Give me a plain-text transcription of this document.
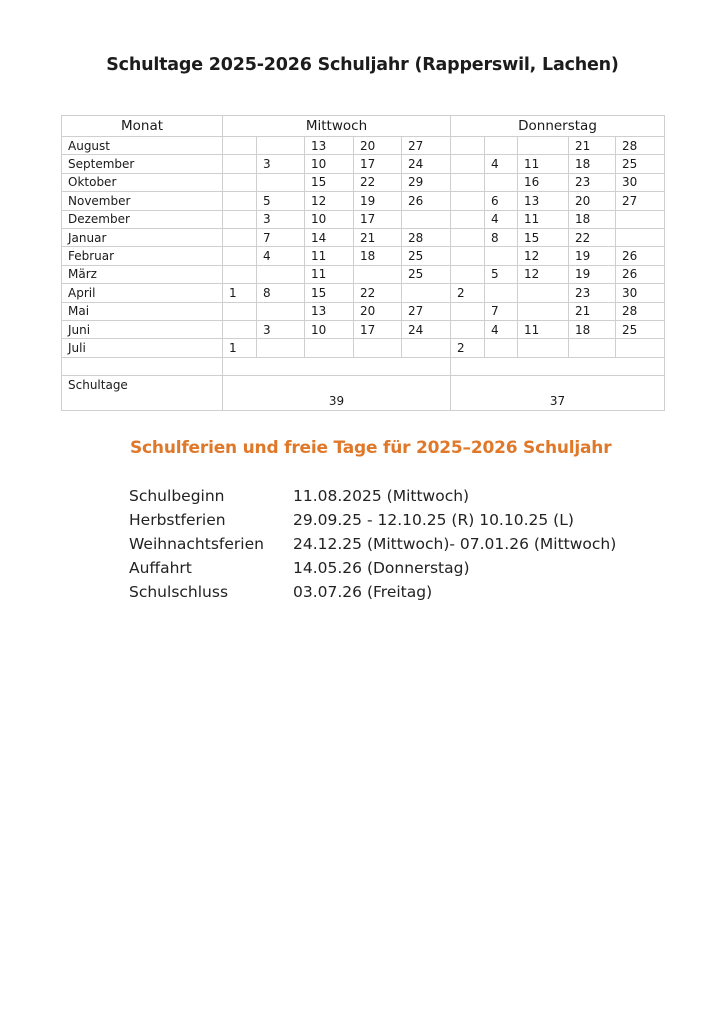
Schultage 2025-2026 Schuljahr (Rapperswil, Lachen)
Monat	Mittwoch					Donnerstag				
August			13	20	27				21	28
September		3	10	17	24		4	11	18	25
Oktober			15	22	29			16	23	30
November		5	12	19	26		6	13	20	27
Dezember		3	10	17			4	11	18	
Januar		7	14	21	28		8	15	22	
Februar		4	11	18	25			12	19	26
März			11		25		5	12	19	26
April	1	8	15	22		2			23	30
Mai			13	20	27		7		21	28
Juni		3	10	17	24		4	11	18	25
Juli	1					2				

Schultage	39					37				
Schulferien und freie Tage für 2025–2026 Schuljahr
Schulbeginn	11.08.2025 (Mittwoch)
Herbstferien	29.09.25 - 12.10.25 (R) 10.10.25 (L)
Weihnachtsferien	24.12.25 (Mittwoch)- 07.01.26 (Mittwoch)
Auffahrt	14.05.26 (Donnerstag)
Schulschluss	03.07.26 (Freitag)
